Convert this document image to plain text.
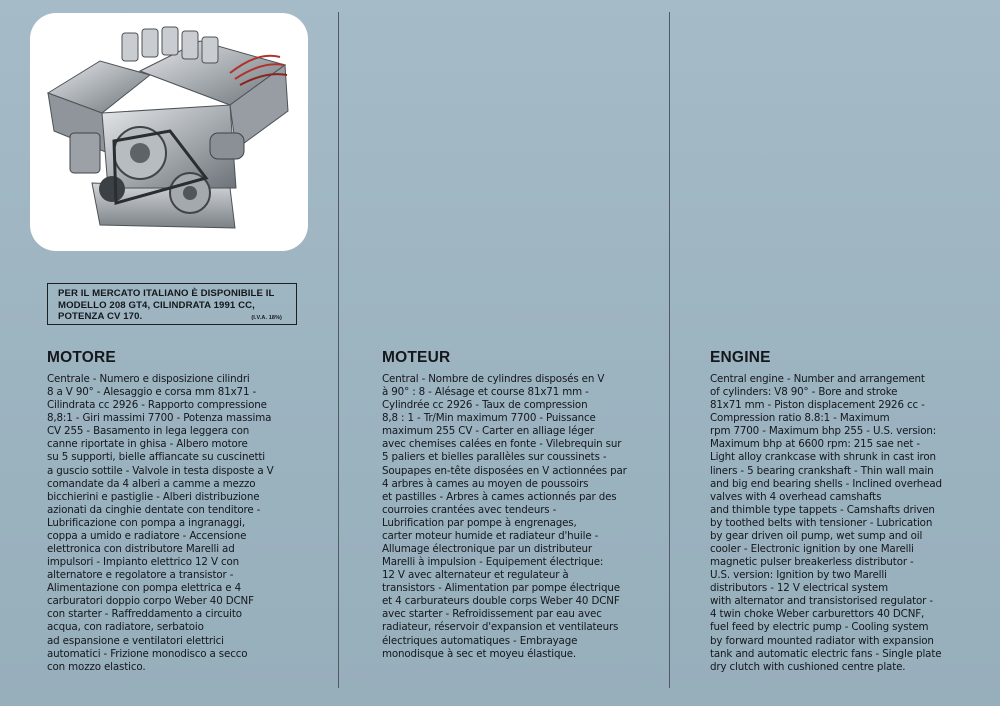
PER IL MERCATO ITALIANO È DISPONIBILE IL MODELLO 208 GT4, CILINDRATA 1991 CC, POTENZA CV 170.	(I.V.A. 18%)
MOTORE
Centrale - Numero e disposizione cilindri
8 a V 90° - Alesaggio e corsa mm 81x71 -
Cilindrata cc 2926 - Rapporto compressione
8,8:1 - Giri massimi 7700 - Potenza massima
CV 255 - Basamento in lega leggera con
canne riportate in ghisa - Albero motore
su 5 supporti, bielle affiancate su cuscinetti
a guscio sottile - Valvole in testa disposte a V
comandate da 4 alberi a camme a mezzo
bicchierini e pastiglie - Alberi distribuzione
azionati da cinghie dentate con tenditore -
Lubrificazione con pompa a ingranaggi,
coppa a umido e radiatore - Accensione
elettronica con distributore Marelli ad
impulsori - Impianto elettrico 12 V con
alternatore e regolatore a transistor -
Alimentazione con pompa elettrica e 4
carburatori doppio corpo Weber 40 DCNF
con starter - Raffreddamento a circuito
acqua, con radiatore, serbatoio
ad espansione e ventilatori elettrici
automatici - Frizione monodisco a secco
con mozzo elastico.
MOTEUR
Central - Nombre de cylindres disposés en V
à 90° : 8 - Alésage et course 81x71 mm -
Cylindrée cc 2926 - Taux de compression
8,8 : 1 - Tr/Min maximum 7700 - Puissance
maximum 255 CV - Carter en alliage léger
avec chemises calées en fonte - Vilebrequin sur
5 paliers et bielles parallèles sur coussinets -
Soupapes en-tête disposées en V actionnées par
4 arbres à cames au moyen de poussoirs
et pastilles - Arbres à cames actionnés par des
courroies crantées avec tendeurs -
Lubrification par pompe à engrenages,
carter moteur humide et radiateur d'huile -
Allumage électronique par un distributeur
Marelli à impulsion - Equipement électrique:
12 V avec alternateur et regulateur à
transistors - Alimentation par pompe électrique
et 4 carburateurs double corps Weber 40 DCNF
avec starter - Refroidissement par eau avec
radiateur, réservoir d'expansion et ventilateurs
électriques automatiques - Embrayage
monodisque à sec et moyeu élastique.
ENGINE
Central engine - Number and arrangement
of cylinders: V8 90° - Bore and stroke
81x71 mm - Piston displacement 2926 cc -
Compression ratio 8.8:1 - Maximum
rpm 7700 - Maximum bhp 255 - U.S. version:
Maximum bhp at 6600 rpm: 215 sae net -
Light alloy crankcase with shrunk in cast iron
liners - 5 bearing crankshaft - Thin wall main
and big end bearing shells - Inclined overhead
valves with 4 overhead camshafts
and thimble type tappets - Camshafts driven
by toothed belts with tensioner - Lubrication
by gear driven oil pump, wet sump and oil
cooler - Electronic ignition by one Marelli
magnetic pulser breakerless distributor -
U.S. version: Ignition by two Marelli
distributors - 12 V electrical system
with alternator and transistorised regulator -
4 twin choke Weber carburettors 40 DCNF,
fuel feed by electric pump - Cooling system
by forward mounted radiator with expansion
tank and automatic electric fans - Single plate
dry clutch with cushioned centre plate.
